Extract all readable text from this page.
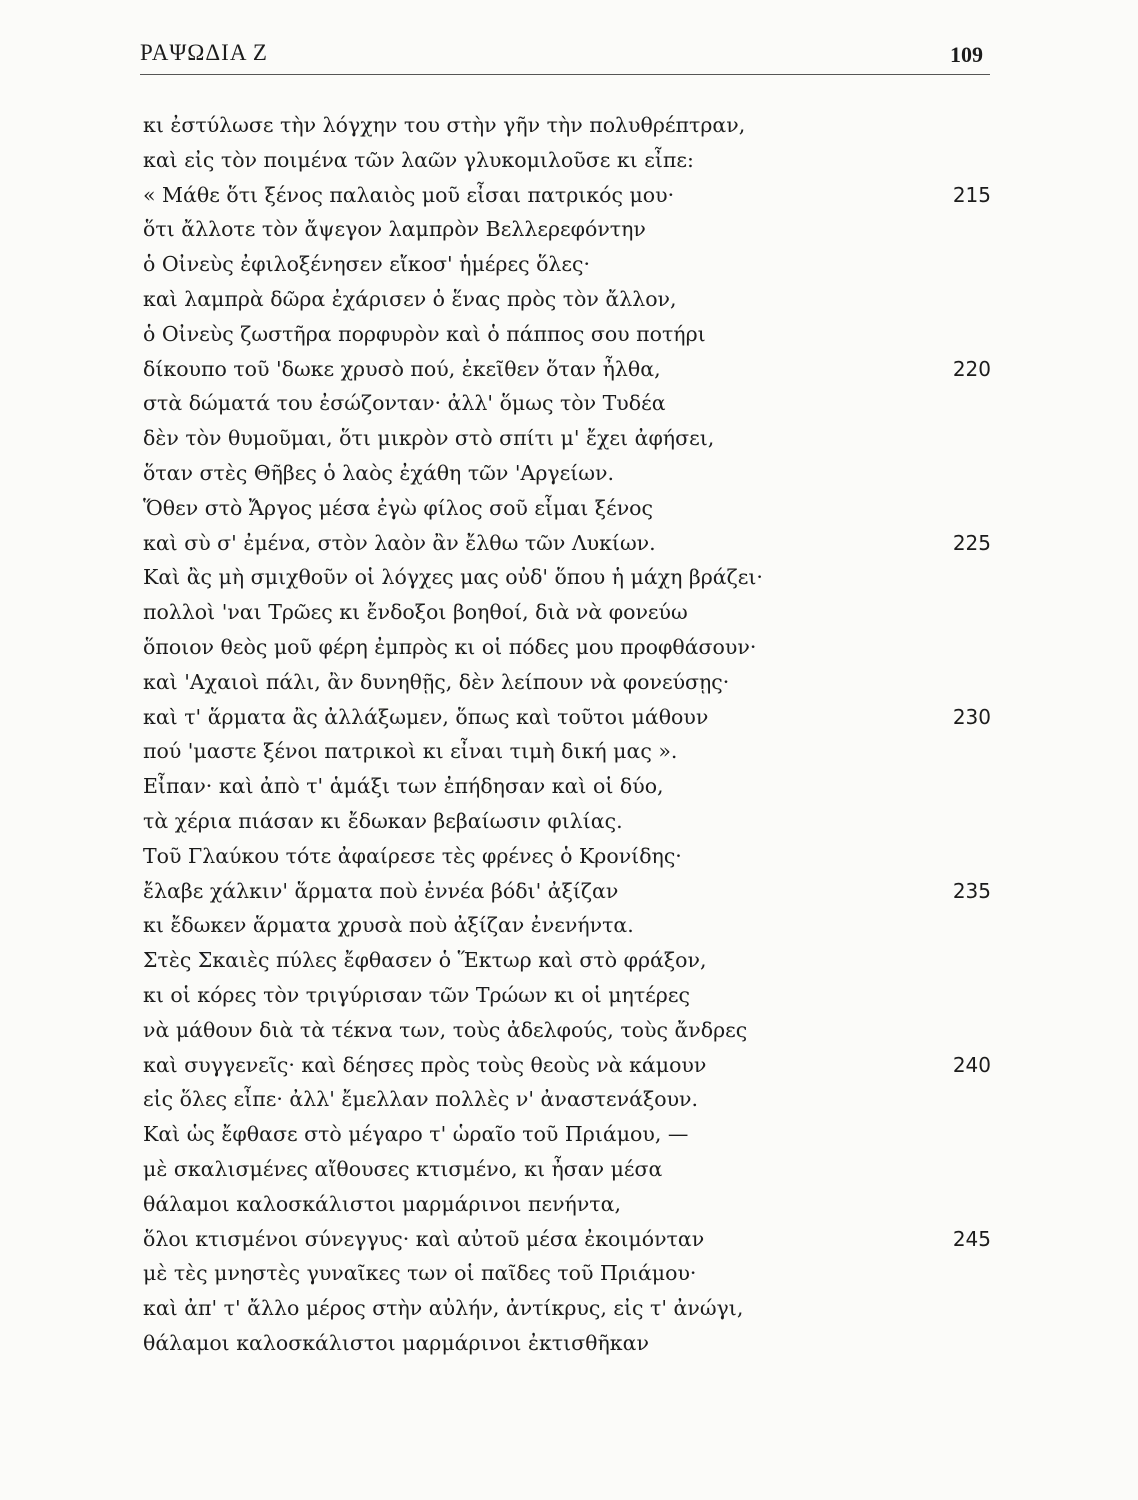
ΡΑΨΩΔΙΑ Ζ	109
κι ἐστύλωσε τὴν λόγχην του στὴν γῆν τὴν πολυθρέπτραν,
καὶ εἰς τὸν ποιμένα τῶν λαῶν γλυκομιλοῦσε κι εἶπε:
« Μάθε ὅτι ξένος παλαιὸς μοῦ εἶσαι πατρικός μου·	215
ὅτι ἄλλοτε τὸν ἄψεγον λαμπρὸν Βελλερεφόντην
ὁ Οἰνεὺς ἐφιλοξένησεν εἴκοσ' ἡμέρες ὅλες·
καὶ λαμπρὰ δῶρα ἐχάρισεν ὁ ἕνας πρὸς τὸν ἄλλον,
ὁ Οἰνεὺς ζωστῆρα πορφυρὸν καὶ ὁ πάππος σου ποτήρι
δίκουπο τοῦ 'δωκε χρυσὸ πού, ἐκεῖθεν ὅταν ἦλθα,	220
στὰ δώματά του ἐσώζονταν· ἀλλ' ὅμως τὸν Τυδέα
δὲν τὸν θυμοῦμαι, ὅτι μικρὸν στὸ σπίτι μ' ἔχει ἀφήσει,
ὅταν στὲς Θῆβες ὁ λαὸς ἐχάθη τῶν 'Αργείων.
Ὅθεν στὸ Ἄργος μέσα ἐγὼ φίλος σοῦ εἶμαι ξένος
καὶ σὺ σ' ἐμένα, στὸν λαὸν ἂν ἔλθω τῶν Λυκίων.	225
Καὶ ἂς μὴ σμιχθοῦν οἱ λόγχες μας οὐδ' ὅπου ἡ μάχη βράζει·
πολλοὶ 'ναι Τρῶες κι ἔνδοξοι βοηθοί, διὰ νὰ φονεύω
ὅποιον θεὸς μοῦ φέρη ἐμπρὸς κι οἱ πόδες μου προφθάσουν·
καὶ 'Αχαιοὶ πάλι, ἂν δυνηθῇς, δὲν λείπουν νὰ φονεύσῃς·
καὶ τ' ἅρματα ἂς ἀλλάξωμεν, ὅπως καὶ τοῦτοι μάθουν	230
πού 'μαστε ξένοι πατρικοὶ κι εἶναι τιμὴ δική μας ».
Εἶπαν· καὶ ἀπὸ τ' ἁμάξι των ἐπήδησαν καὶ οἱ δύο,
τὰ χέρια πιάσαν κι ἔδωκαν βεβαίωσιν φιλίας.
Τοῦ Γλαύκου τότε ἀφαίρεσε τὲς φρένες ὁ Κρονίδης·
ἔλαβε χάλκιν' ἅρματα ποὺ ἐννέα βόδι' ἀξίζαν	235
κι ἔδωκεν ἅρματα χρυσὰ ποὺ ἀξίζαν ἐνενήντα.
Στὲς Σκαιὲς πύλες ἔφθασεν ὁ Ἕκτωρ καὶ στὸ φράξον,
κι οἱ κόρες τὸν τριγύρισαν τῶν Τρώων κι οἱ μητέρες
νὰ μάθουν διὰ τὰ τέκνα των, τοὺς ἀδελφούς, τοὺς ἄνδρες
καὶ συγγενεῖς· καὶ δέησες πρὸς τοὺς θεοὺς νὰ κάμουν	240
εἰς ὅλες εἶπε· ἀλλ' ἔμελλαν πολλὲς ν' ἀναστενάξουν.
Καὶ ὡς ἔφθασε στὸ μέγαρο τ' ὡραῖο τοῦ Πριάμου, —
μὲ σκαλισμένες αἴθουσες κτισμένο, κι ἦσαν μέσα
θάλαμοι καλοσκάλιστοι μαρμάρινοι πενήντα,
ὅλοι κτισμένοι σύνεγγυς· καὶ αὐτοῦ μέσα ἐκοιμόνταν	245
μὲ τὲς μνηστὲς γυναῖκες των οἱ παῖδες τοῦ Πριάμου·
καὶ ἀπ' τ' ἄλλο μέρος στὴν αὐλήν, ἀντίκρυς, εἰς τ' ἀνώγι,
θάλαμοι καλοσκάλιστοι μαρμάρινοι ἐκτισθῆκαν
